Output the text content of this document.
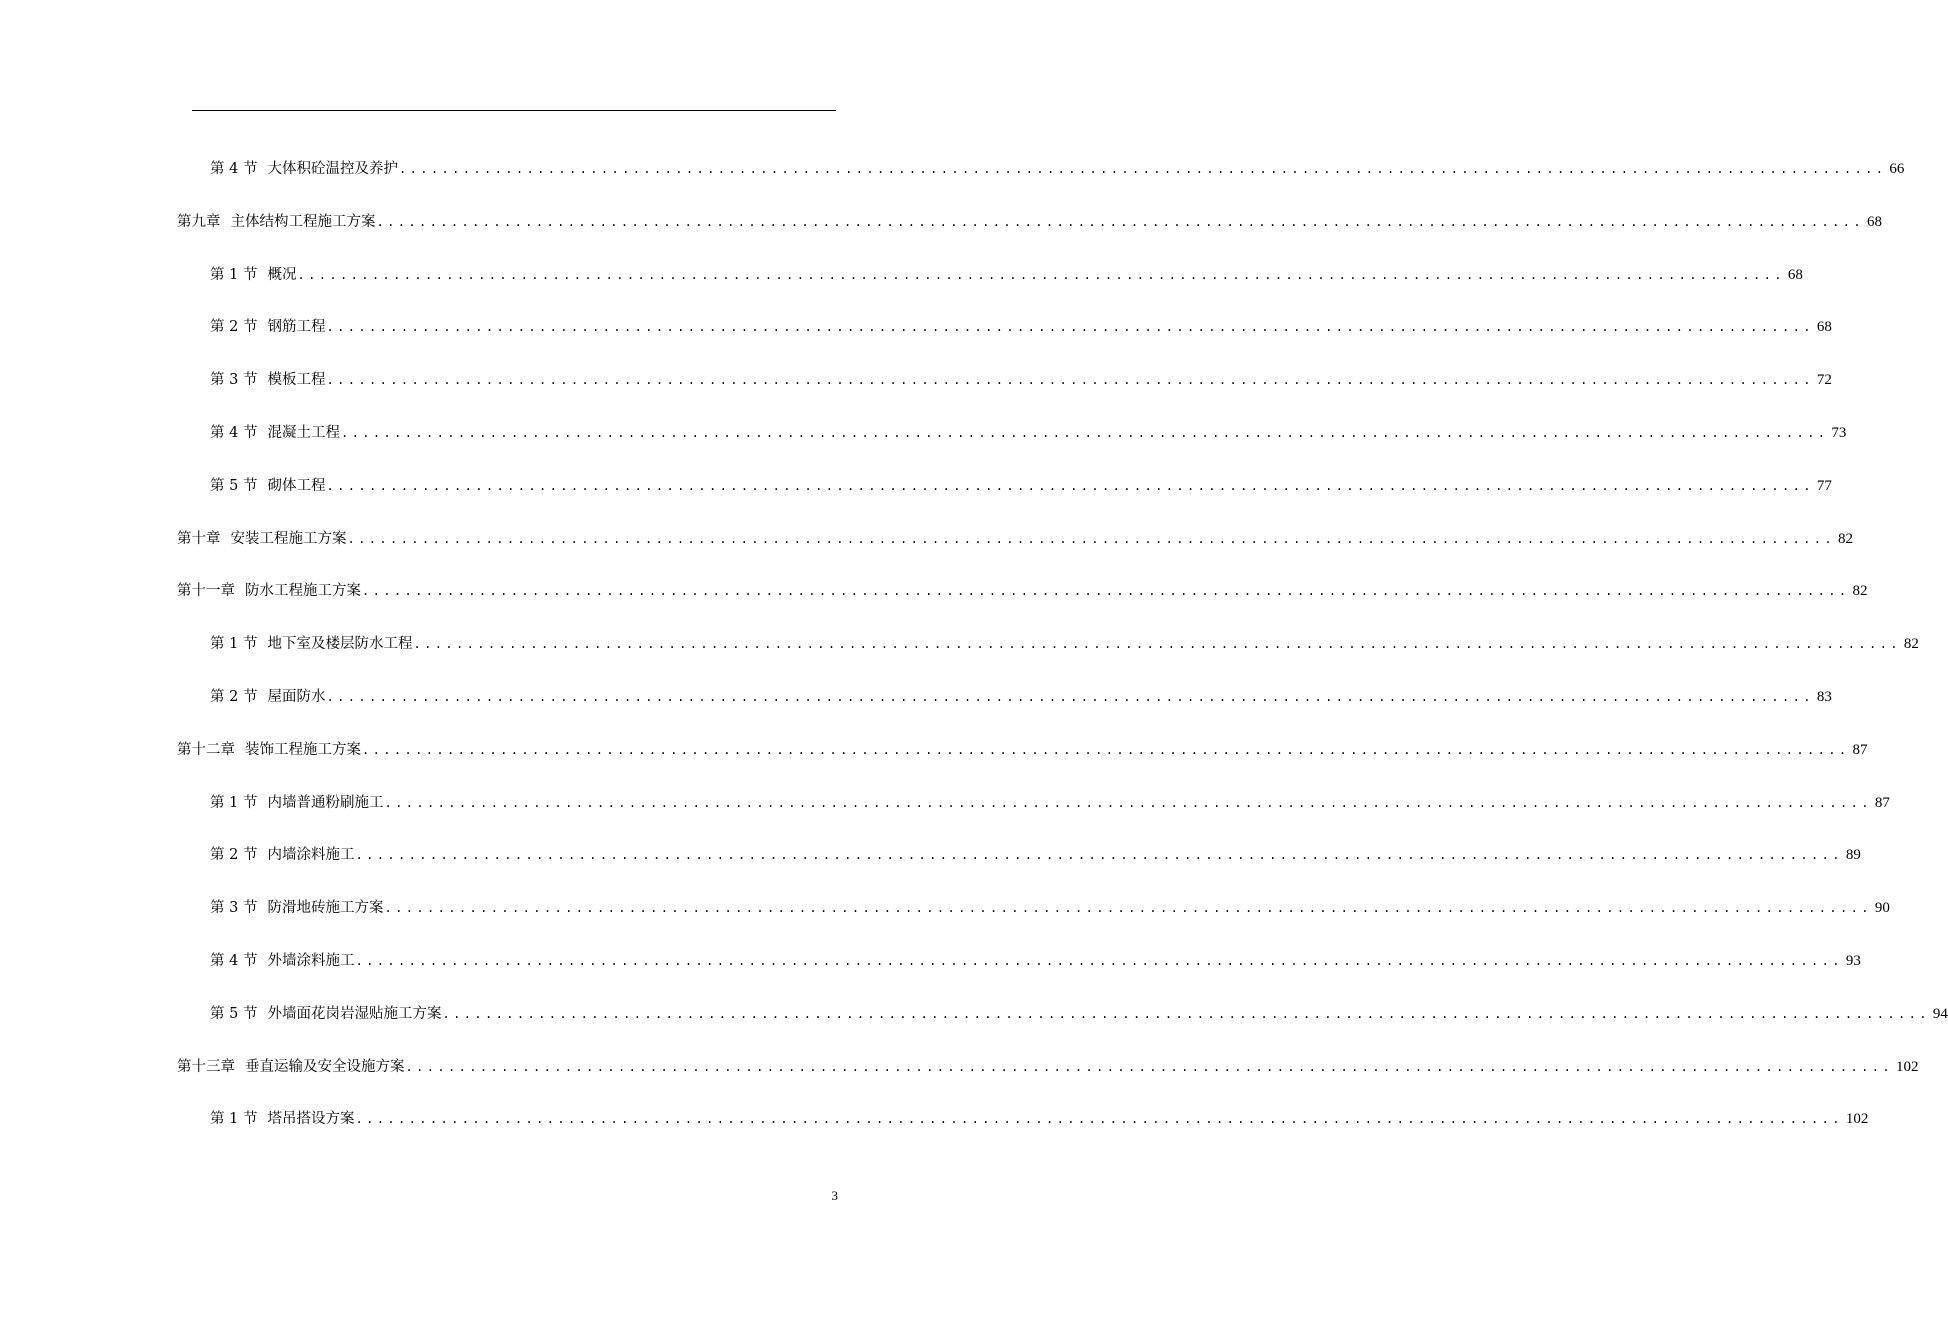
第 4 节 大体积砼温控及养护 ............................................................................................................................................ 66
第九章 主体结构工程施工方案 ............................................................................................................................................ 68
第 1 节 概况 ............................................................................................................................................ 68
第 2 节 钢筋工程 ............................................................................................................................................ 68
第 3 节 模板工程 ............................................................................................................................................ 72
第 4 节 混凝土工程 ............................................................................................................................................ 73
第 5 节 砌体工程 ............................................................................................................................................ 77
第十章 安装工程施工方案 ............................................................................................................................................ 82
第十一章 防水工程施工方案 ............................................................................................................................................ 82
第 1 节 地下室及楼层防水工程 ............................................................................................................................................ 82
第 2 节 屋面防水 ............................................................................................................................................ 83
第十二章 装饰工程施工方案 ............................................................................................................................................ 87
第 1 节 内墙普通粉刷施工 ............................................................................................................................................ 87
第 2 节 内墙涂料施工 ............................................................................................................................................ 89
第 3 节 防滑地砖施工方案 ............................................................................................................................................ 90
第 4 节 外墙涂料施工 ............................................................................................................................................ 93
第 5 节 外墙面花岗岩湿贴施工方案 ............................................................................................................................................ 94
第十三章 垂直运输及安全设施方案 ............................................................................................................................................ 102
第 1 节 塔吊搭设方案 ............................................................................................................................................ 102
3
